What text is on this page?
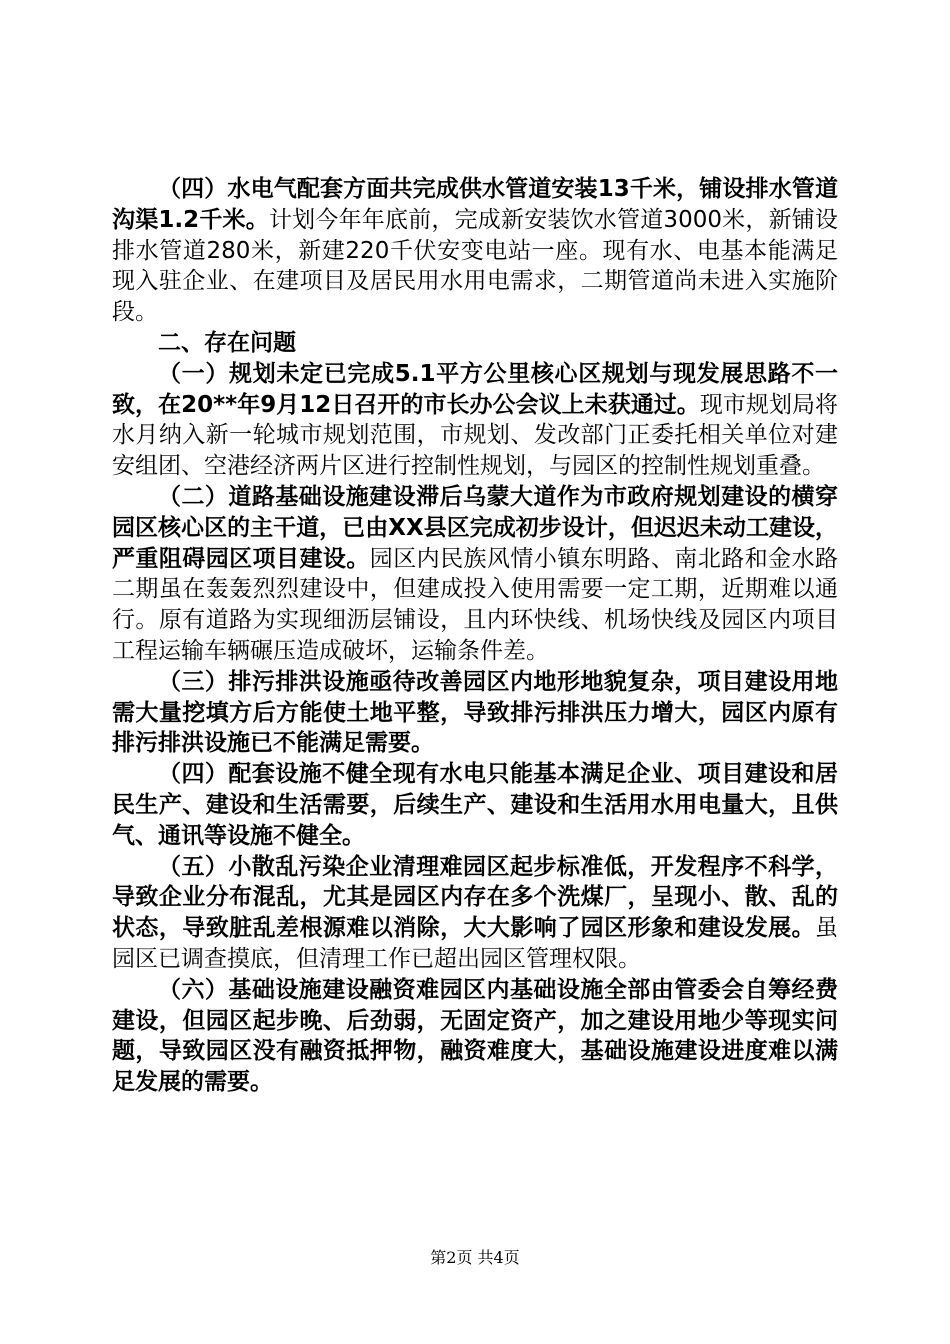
（四）水电气配套方面共完成供水管道安装13千米，铺设排水管道沟渠1.2千米。计划今年年底前，完成新安装饮水管道3000米，新铺设排水管道280米，新建220千伏安变电站一座。现有水、电基本能满足现入驻企业、在建项目及居民用水用电需求，二期管道尚未进入实施阶段。

二、存在问题

（一）规划未定已完成5.1平方公里核心区规划与现发展思路不一致，在20**年9月12日召开的市长办公会议上未获通过。现市规划局将水月纳入新一轮城市规划范围，市规划、发改部门正委托相关单位对建安组团、空港经济两片区进行控制性规划，与园区的控制性规划重叠。

（二）道路基础设施建设滞后乌蒙大道作为市政府规划建设的横穿园区核心区的主干道，已由XX县区完成初步设计，但迟迟未动工建设，严重阻碍园区项目建设。园区内民族风情小镇东明路、南北路和金水路二期虽在轰轰烈烈建设中，但建成投入使用需要一定工期，近期难以通行。原有道路为实现细沥层铺设，且内环快线、机场快线及园区内项目工程运输车辆碾压造成破坏，运输条件差。

（三）排污排洪设施亟待改善园区内地形地貌复杂，项目建设用地需大量挖填方后方能使土地平整，导致排污排洪压力增大，园区内原有排污排洪设施已不能满足需要。

（四）配套设施不健全现有水电只能基本满足企业、项目建设和居民生产、建设和生活需要，后续生产、建设和生活用水用电量大，且供气、通讯等设施不健全。

（五）小散乱污染企业清理难园区起步标准低，开发程序不科学，导致企业分布混乱，尤其是园区内存在多个洗煤厂，呈现小、散、乱的状态，导致脏乱差根源难以消除，大大影响了园区形象和建设发展。虽园区已调查摸底，但清理工作已超出园区管理权限。

（六）基础设施建设融资难园区内基础设施全部由管委会自筹经费建设，但园区起步晚、后劲弱，无固定资产，加之建设用地少等现实问题，导致园区没有融资抵押物，融资难度大，基础设施建设进度难以满足发展的需要。

第2页 共4页
